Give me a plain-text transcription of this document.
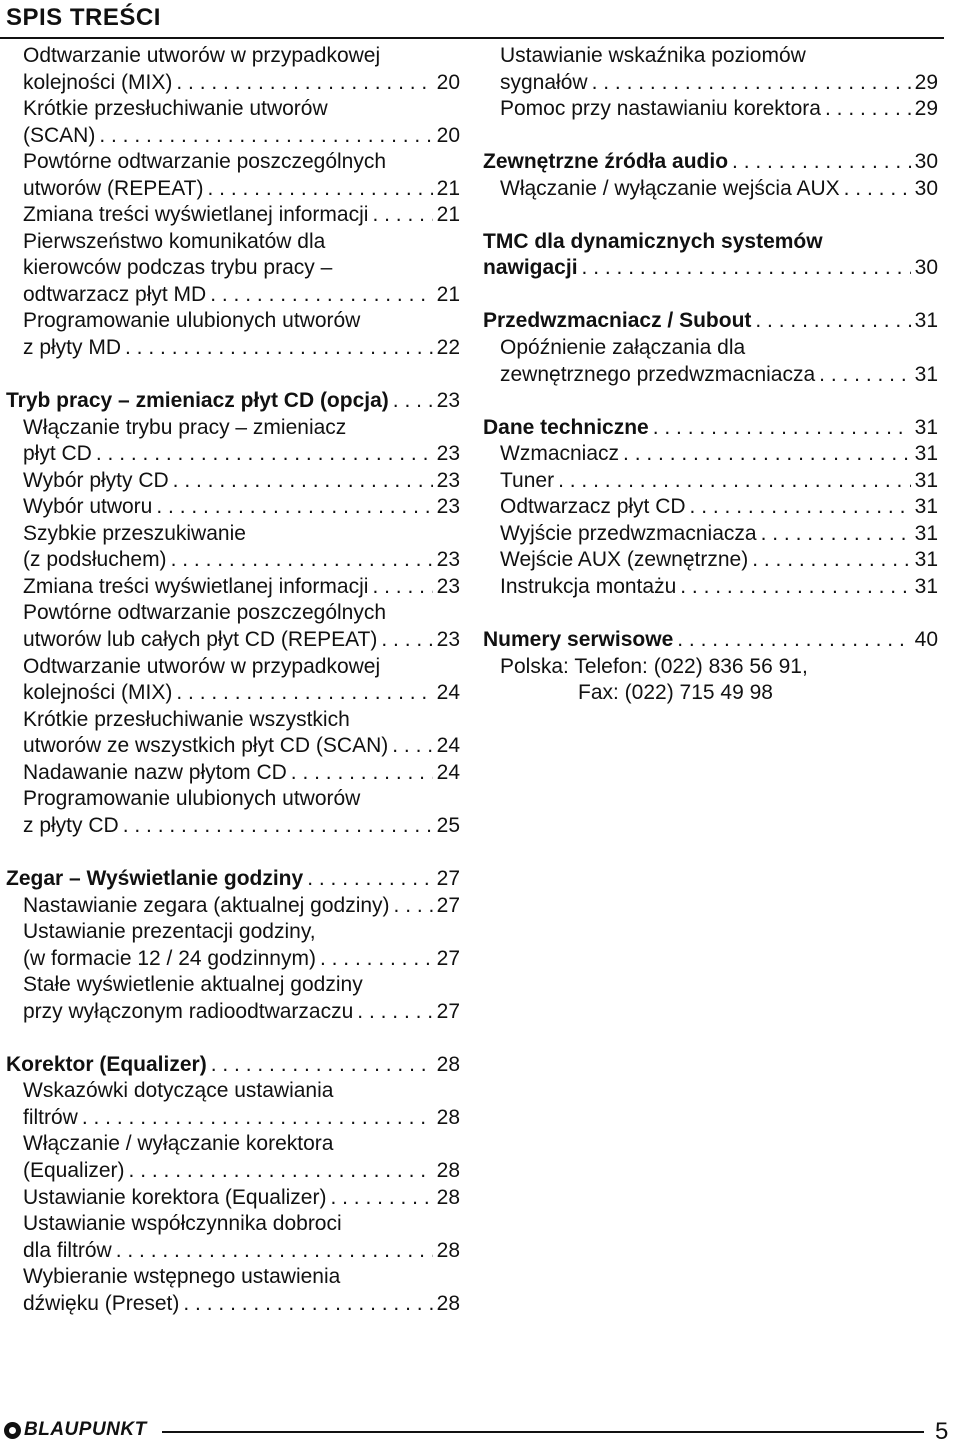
SPIS TREŚCI
Odtwarzanie utworów w przypadkowej
kolejności (MIX) . . .	20
Krótkie przesłuchiwanie utworów
(SCAN) . . .	20
Powtórne odtwarzanie poszczególnych
utworów (REPEAT) . . .	21
Zmiana treści wyświetlanej informacji . . .	21
Pierwszeństwo komunikatów dla
kierowców podczas trybu pracy –
odtwarzacz płyt MD . . .	21
Programowanie ulubionych utworów
z płyty MD . . .	22
Tryb pracy – zmieniacz płyt CD (opcja) . . . 23
Włączanie trybu pracy – zmieniacz
płyt CD . . .	23
Wybór płyty CD . . .	23
Wybór utworu . . .	23
Szybkie przeszukiwanie
(z podsłuchem) . . .	23
Zmiana treści wyświetlanej informacji . . .	23
Powtórne odtwarzanie poszczególnych
utworów lub całych płyt CD (REPEAT) . . .	23
Odtwarzanie utworów w przypadkowej
kolejności (MIX) . . .	24
Krótkie przesłuchiwanie wszystkich
utworów ze wszystkich płyt CD (SCAN) . . . 24
Nadawanie nazw płytom CD . . .	24
Programowanie ulubionych utworów
z płyty CD . . .	25
Zegar – Wyświetlanie godziny . . .	27
Nastawianie zegara (aktualnej godziny) . . . 27
Ustawianie prezentacji godziny,
(w formacie 12 / 24 godzinnym) . . .	27
Stałe wyświetlenie aktualnej godziny
przy wyłączonym radioodtwarzaczu . . .	27
Korektor (Equalizer) . . .	28
Wskazówki dotyczące ustawiania
filtrów . . .	28
Włączanie / wyłączanie korektora
(Equalizer) . . .	28
Ustawianie korektora (Equalizer) . . .	28
Ustawianie współczynnika dobroci
dla filtrów . . .	28
Wybieranie wstępnego ustawienia
dźwięku (Preset) . . .	28
Ustawianie wskaźnika poziomów
sygnałów . . .	29
Pomoc przy nastawianiu korektora . . .	29
Zewnętrzne źródła audio . . .	30
Włączanie / wyłączanie wejścia AUX . . .	30
TMC dla dynamicznych systemów
nawigacji . . .	30
Przedwzmacniacz / Subout . . .	31
Opóźnienie załączania dla
zewnętrznego przedwzmacniacza . . .	31
Dane techniczne . . .	31
Wzmacniacz . . .	31
Tuner . . .	31
Odtwarzacz płyt CD . . .	31
Wyjście przedwzmacniacza . . .	31
Wejście AUX (zewnętrzne) . . .	31
Instrukcja montażu . . .	31
Numery serwisowe . . .	40
Polska: Telefon: (022) 836 56 91,
Fax: (022) 715 49 98
BLAUPUNKT	5
